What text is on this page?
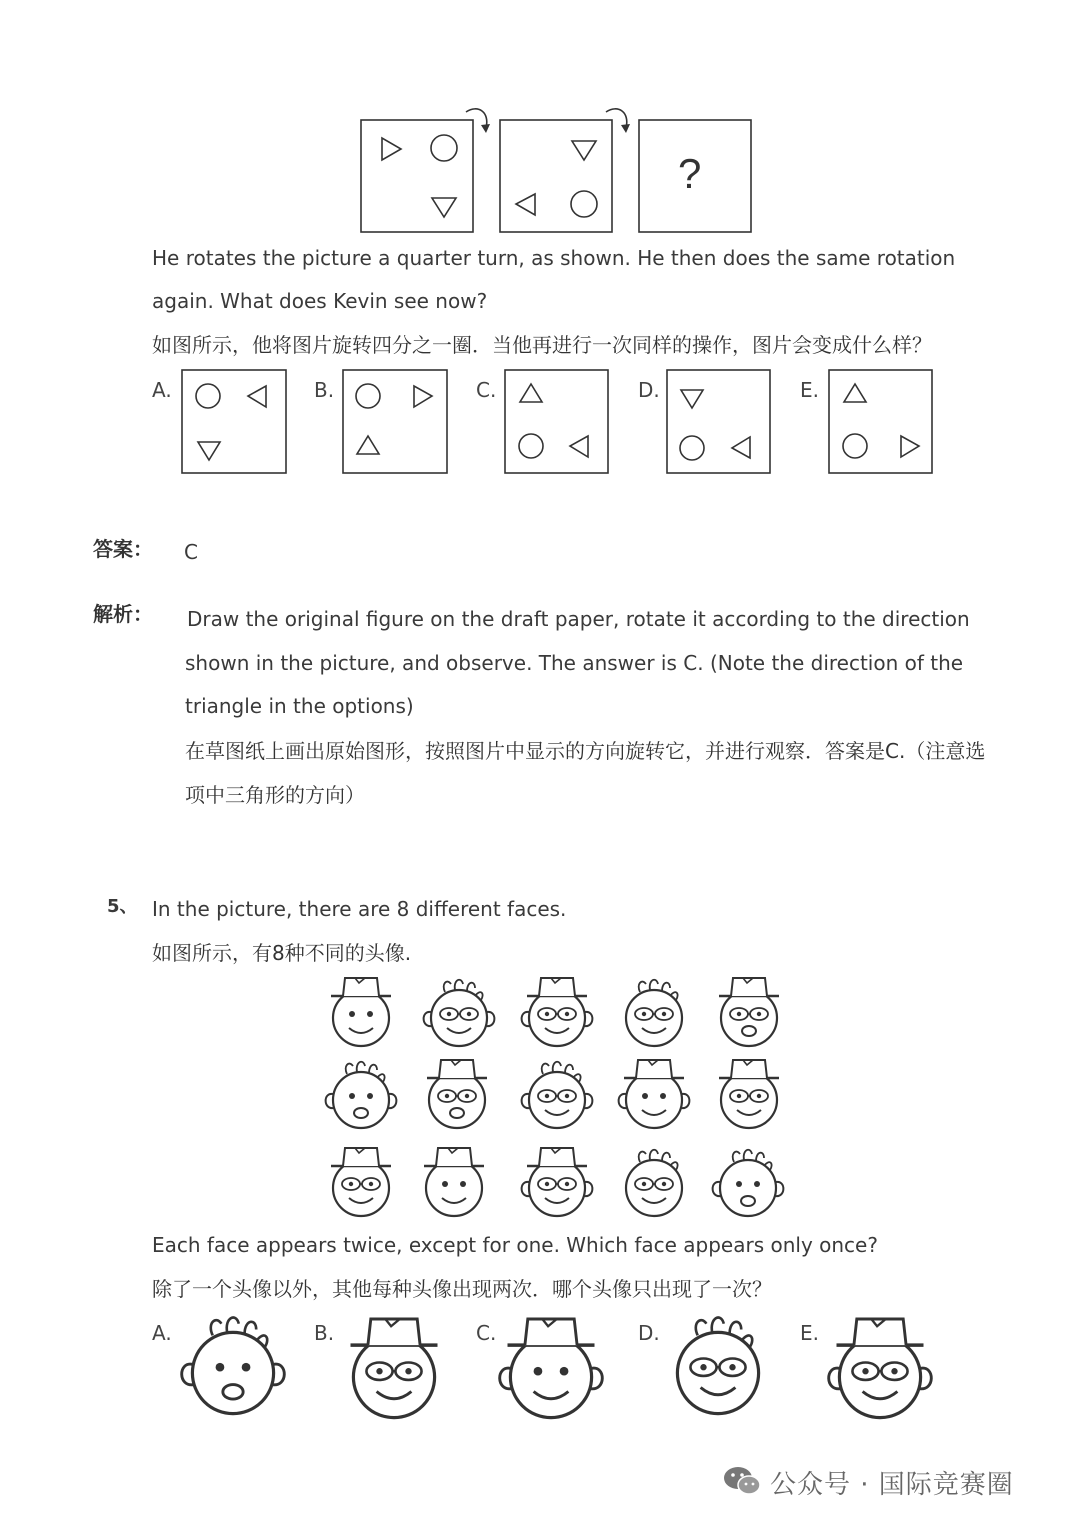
?
He rotates the picture a quarter turn, as shown. He then does the same rotation
again. What does Kevin see now?
如图所示，他将图片旋转四分之一圈．当他再进行一次同样的操作，图片会变成什么样？
A.	B.	C.	D.	E.
答案： C
解析： Draw the original figure on the draft paper, rotate it according to the direction
shown in the picture, and observe. The answer is C. (Note the direction of the
triangle in the options)
在草图纸上画出原始图形，按照图片中显示的方向旋转它，并进行观察．答案是C.（注意选
项中三角形的方向）
5、 In the picture, there are 8 different faces.
如图所示，有8种不同的头像.
Each face appears twice, except for one. Which face appears only once?
除了一个头像以外，其他每种头像出现两次．哪个头像只出现了一次？
A.	B.	C.	D.	E.
公众号 · 国际竞赛圈
